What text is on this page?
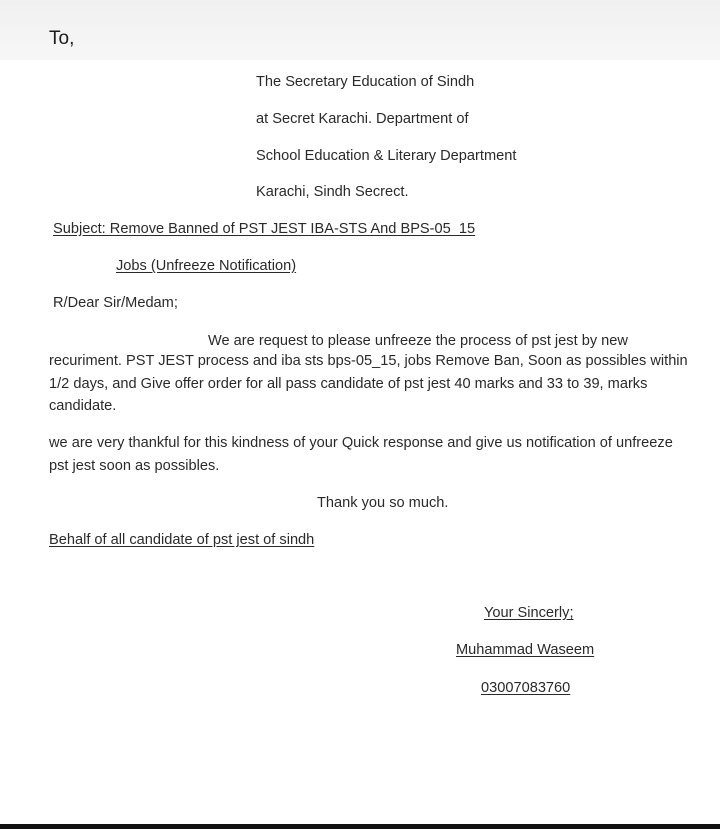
To,
The Secretary Education of Sindh
at Secret Karachi. Department of
School Education & Literary Department
Karachi, Sindh Secrect.
Subject: Remove Banned of PST JEST IBA-STS And BPS-05_15
Jobs (Unfreeze Notification)
R/Dear Sir/Medam;
We are request to please unfreeze the process of pst jest by new
recuriment. PST JEST process and iba sts bps-05_15, jobs Remove Ban, Soon as possibles within 1/2 days, and Give offer order for all pass candidate of pst jest 40 marks and 33 to 39, marks candidate.
we are very thankful for this kindness of your Quick response and give us notification of unfreeze pst jest soon as possibles.
Thank you so much.
Behalf of all candidate of pst jest of sindh
Your Sincerly;
Muhammad Waseem
03007083760
